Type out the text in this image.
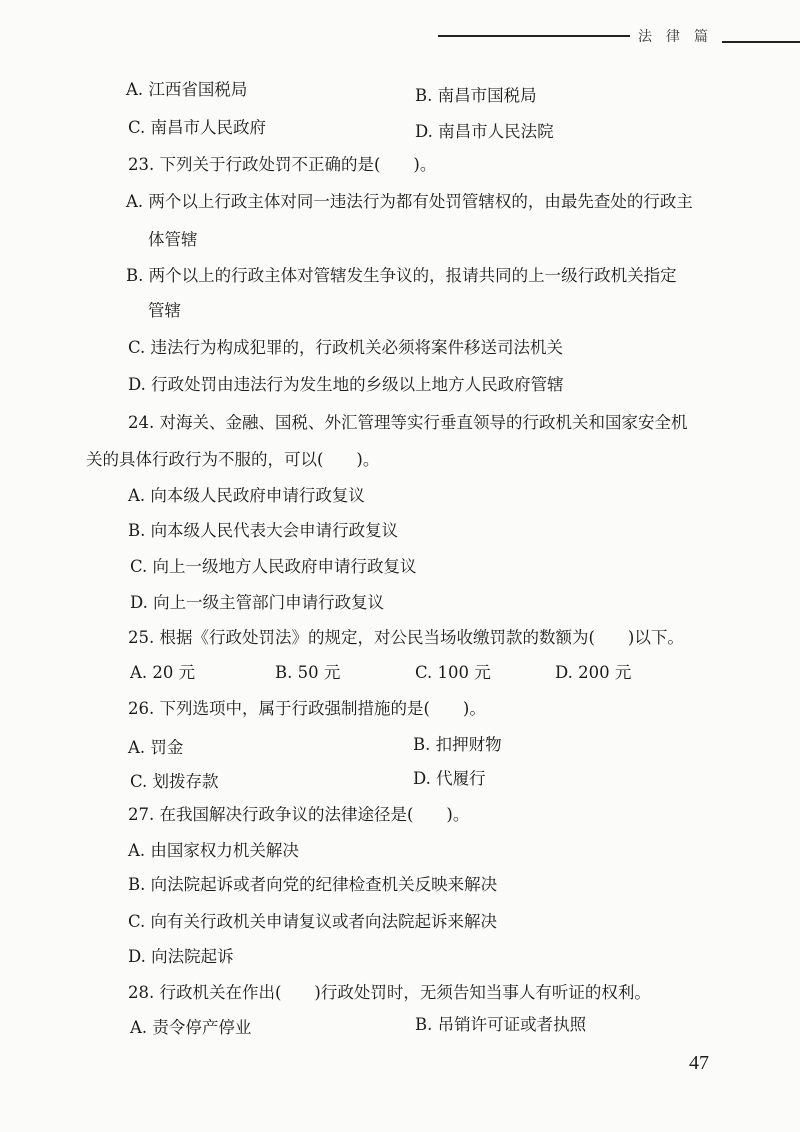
法律篇
A. 江西省国税局	B. 南昌市国税局
C. 南昌市人民政府	D. 南昌市人民法院
23. 下列关于行政处罚不正确的是(　　)。
A. 两个以上行政主体对同一违法行为都有处罚管辖权的，由最先查处的行政主
体管辖
B. 两个以上的行政主体对管辖发生争议的，报请共同的上一级行政机关指定
管辖
C. 违法行为构成犯罪的，行政机关必须将案件移送司法机关
D. 行政处罚由违法行为发生地的乡级以上地方人民政府管辖
24. 对海关、金融、国税、外汇管理等实行垂直领导的行政机关和国家安全机
关的具体行政行为不服的，可以(　　)。
A. 向本级人民政府申请行政复议
B. 向本级人民代表大会申请行政复议
C. 向上一级地方人民政府申请行政复议
D. 向上一级主管部门申请行政复议
25. 根据《行政处罚法》的规定，对公民当场收缴罚款的数额为(　　)以下。
A. 20 元	B. 50 元	C. 100 元	D. 200 元
26. 下列选项中，属于行政强制措施的是(　　)。
A. 罚金	B. 扣押财物
C. 划拨存款	D. 代履行
27. 在我国解决行政争议的法律途径是(　　)。
A. 由国家权力机关解决
B. 向法院起诉或者向党的纪律检查机关反映来解决
C. 向有关行政机关申请复议或者向法院起诉来解决
D. 向法院起诉
28. 行政机关在作出(　　)行政处罚时，无须告知当事人有听证的权利。
A. 责令停产停业	B. 吊销许可证或者执照
47
